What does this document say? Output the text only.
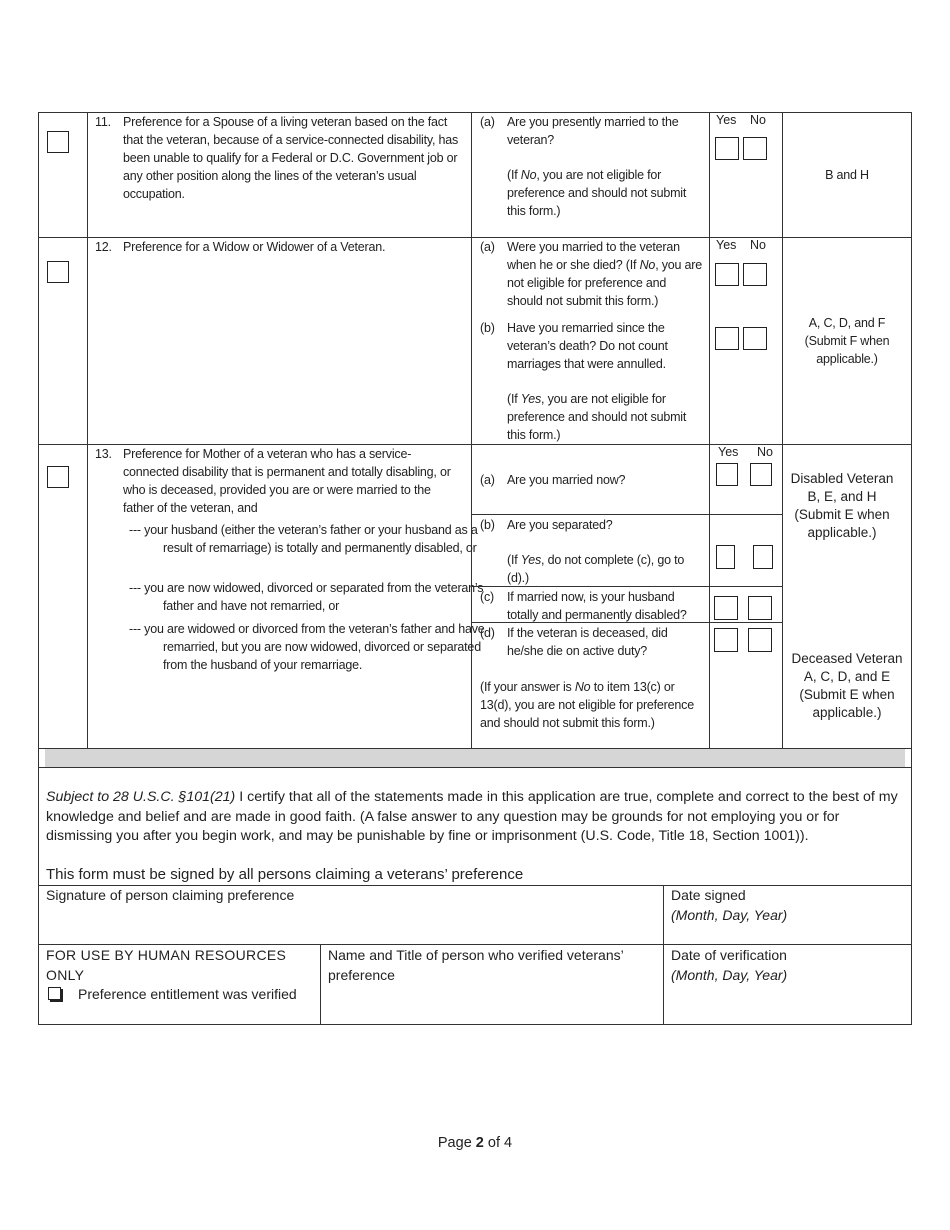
11. Preference for a Spouse of a living veteran based on the fact that the veteran, because of a service-connected disability, has been unable to qualify for a Federal or D.C. Government job or any other position along the lines of the veteran’s usual occupation.
(a) Are you presently married to the veteran?
(If No, you are not eligible for preference and should not submit this form.)
Yes No
B and H
12. Preference for a Widow or Widower of a Veteran.	(a) Were you married to the veteran when he or she died? (If No, you are not eligible for preference and should not submit this form.)
(b) Have you remarried since the veteran’s death? Do not count marriages that were annulled.
(If Yes, you are not eligible for preference and should not submit this form.)
Yes No
A, C, D, and F (Submit F when applicable.)
13. Preference for Mother of a veteran who has a service-connected disability that is permanent and totally disabling, or who is deceased, provided you are or were married to the father of the veteran, and
--- your husband (either the veteran’s father or your husband as a result of remarriage) is totally and permanently disabled, or
--- you are now widowed, divorced or separated from the veteran’s father and have not remarried, or
--- you are widowed or divorced from the veteran’s father and have remarried, but you are now widowed, divorced or separated from the husband of your remarriage.
(a) Are you married now?
(b) Are you separated?
(If Yes, do not complete (c), go to (d).)
(c) If married now, is your husband totally and permanently disabled?
(d) If the veteran is deceased, did he/she die on active duty?
(If your answer is No to item 13(c) or 13(d), you are not eligible for preference and should not submit this form.)
Yes No
Disabled Veteran B, E, and H (Submit E when applicable.)
Deceased Veteran A, C, D, and E (Submit E when applicable.)
Subject to 28 U.S.C. §101(21) I certify that all of the statements made in this application are true, complete and correct to the best of my knowledge and belief and are made in good faith. (A false answer to any question may be grounds for not employing you or for dismissing you after you begin work, and may be punishable by fine or imprisonment (U.S. Code, Title 18, Section 1001)).
This form must be signed by all persons claiming a veterans’ preference
Signature of person claiming preference	Date signed
(Month, Day, Year)
FOR USE BY HUMAN RESOURCES ONLY
Preference entitlement was verified
Name and Title of person who verified veterans’ preference
Date of verification
(Month, Day, Year)
Page 2 of 4
